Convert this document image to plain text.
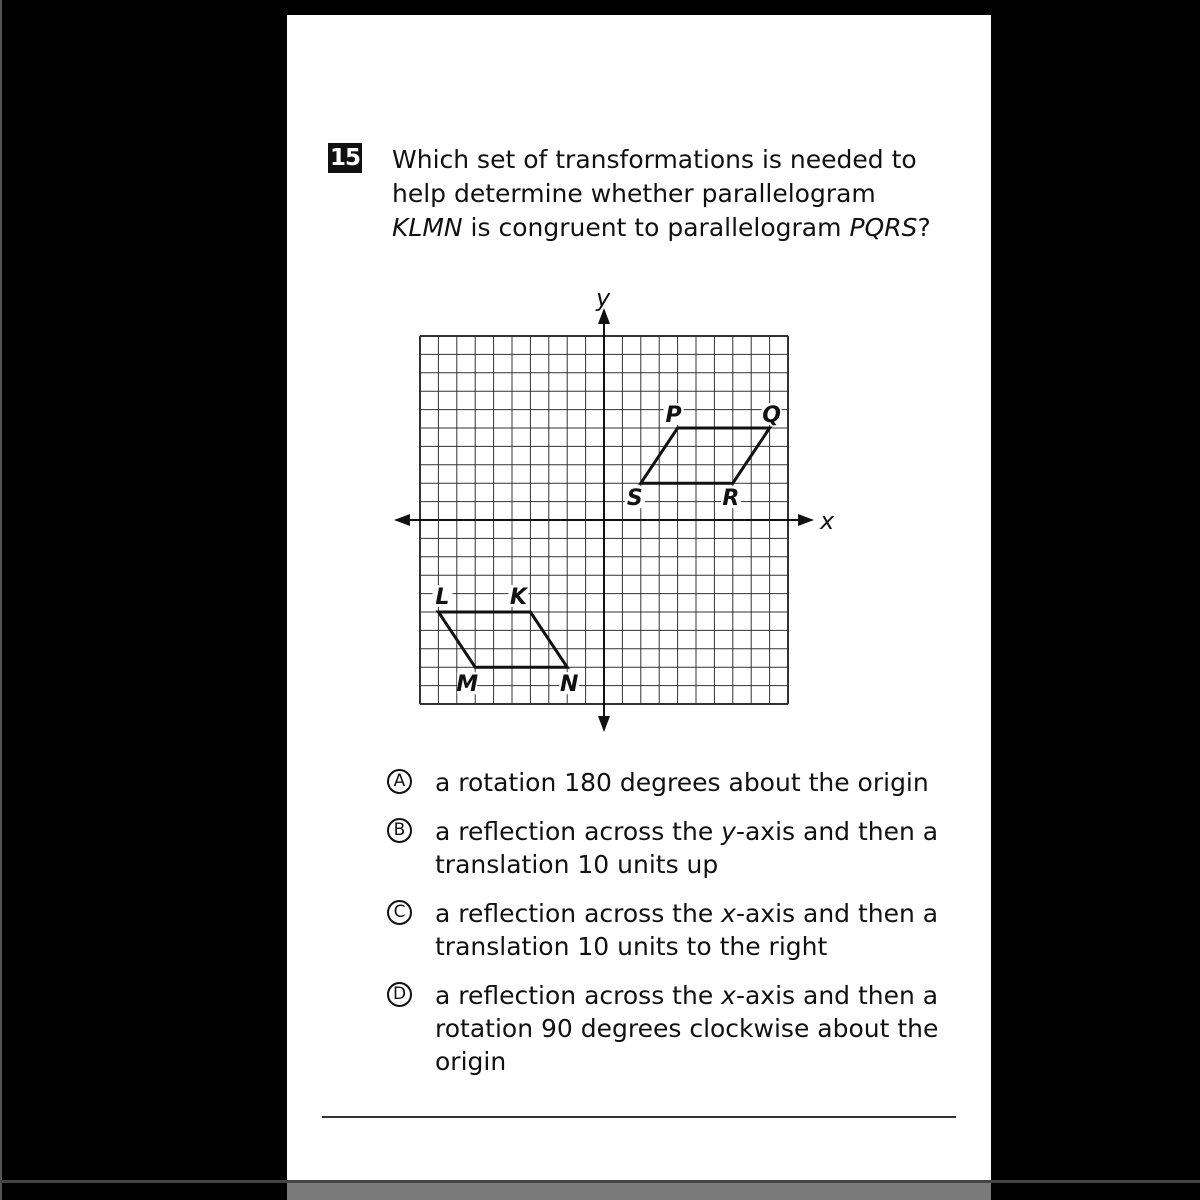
15 Which set of transformations is needed to
help determine whether parallelogram
KLMN is congruent to parallelogram PQRS?
x
y
P	Q
R
S
K
L
M	N
A a rotation 180 degrees about the origin
B a reflection across the y-axis and then a
translation 10 units up
C a reflection across the x-axis and then a
translation 10 units to the right
D a reflection across the x-axis and then a
rotation 90 degrees clockwise about the
origin
